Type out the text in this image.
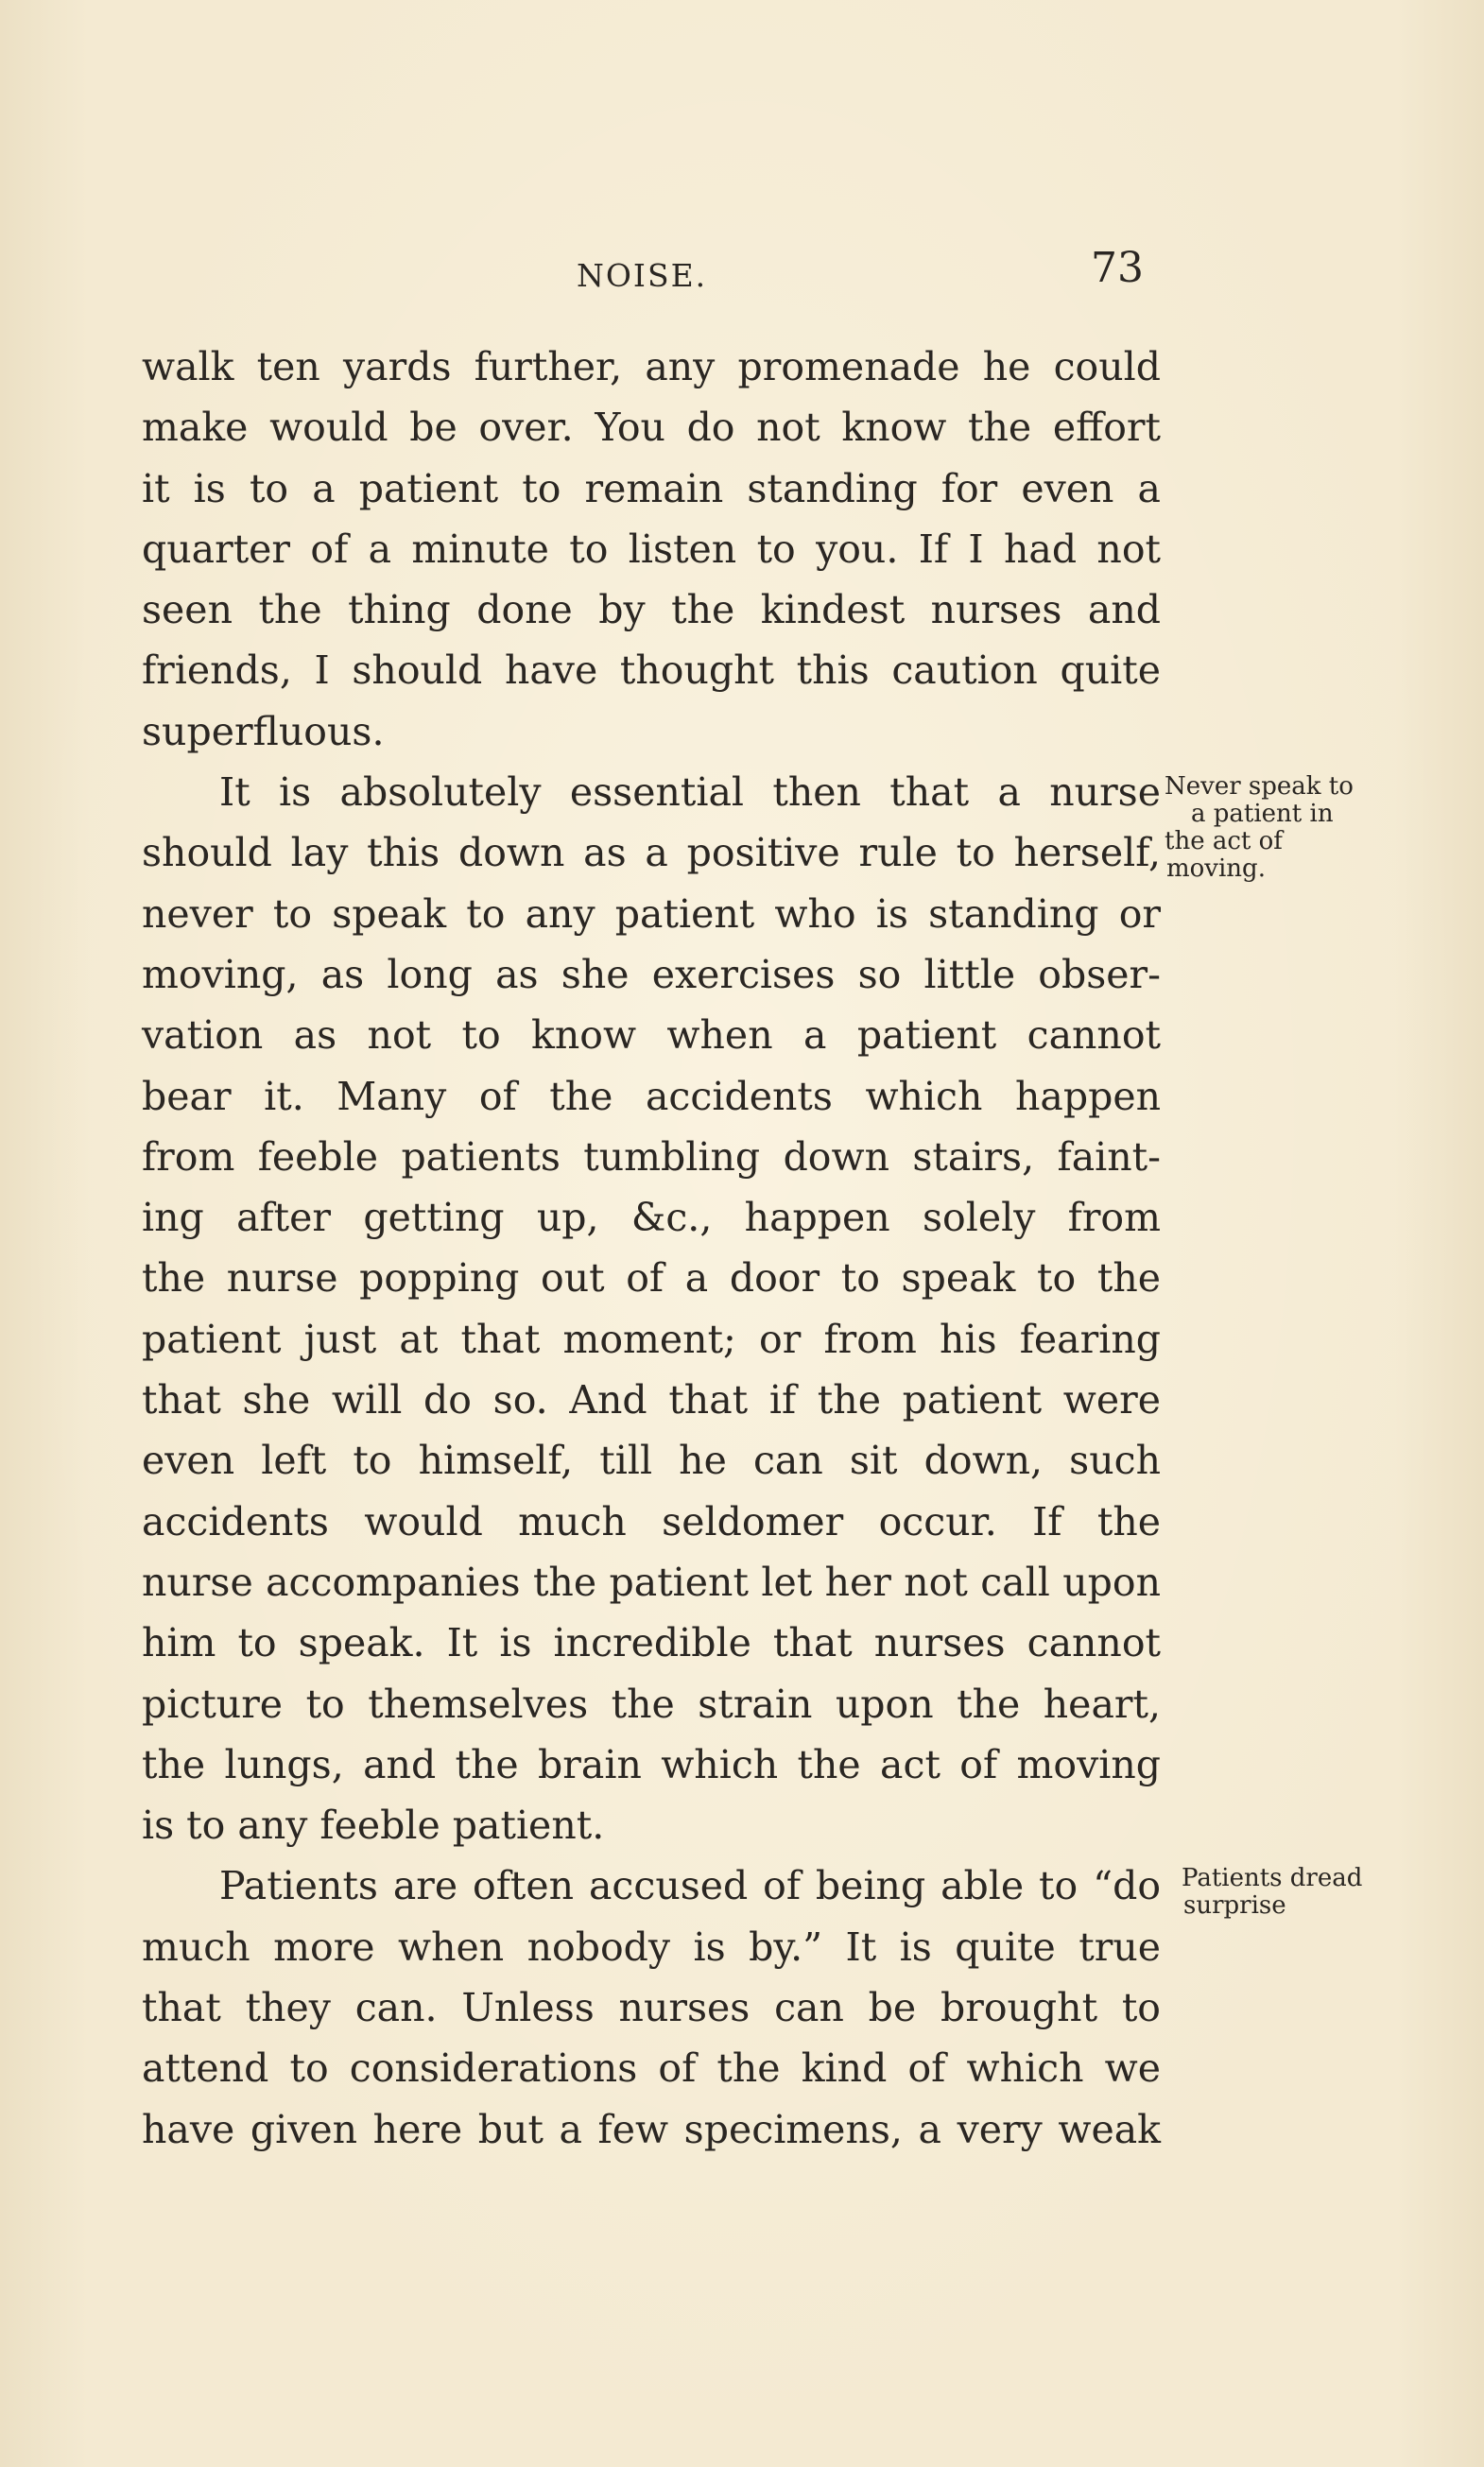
NOISE.	73
walk ten yards further, any promenade he could
make would be over. You do not know the effort
it is to a patient to remain standing for even a
quarter of a minute to listen to you. If I had not
seen the thing done by the kindest nurses and
friends, I should have thought this caution quite
superfluous.
It is absolutely essential then that a nurse
should lay this down as a positive rule to herself,
never to speak to any patient who is standing or
moving, as long as she exercises so little obser-
vation as not to know when a patient cannot
bear it. Many of the accidents which happen
from feeble patients tumbling down stairs, faint-
ing after getting up, &c., happen solely from
the nurse popping out of a door to speak to the
patient just at that moment; or from his fearing
that she will do so. And that if the patient were
even left to himself, till he can sit down, such
accidents would much seldomer occur. If the
nurse accompanies the patient let her not call upon
him to speak. It is incredible that nurses cannot
picture to themselves the strain upon the heart,
the lungs, and the brain which the act of moving
is to any feeble patient.
Patients are often accused of being able to “do
much more when nobody is by.” It is quite true
that they can. Unless nurses can be brought to
attend to considerations of the kind of which we
have given here but a few specimens, a very weak
Never speak to
a patient in
the act of
moving.
Patients dread
surprise
